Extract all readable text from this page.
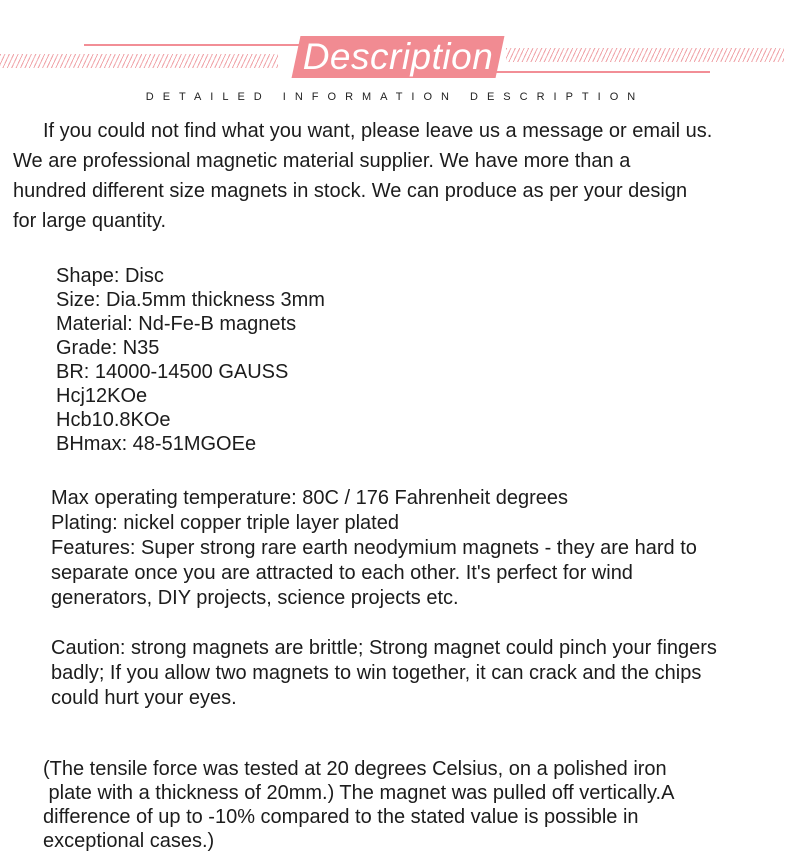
Description
DETAILED INFORMATION DESCRIPTION
If you could not find what you want, please leave us a message or email us.
We are professional magnetic material supplier. We have more than a
hundred different size magnets in stock. We can produce as per your design
for large quantity.
Shape: Disc
Size: Dia.5mm thickness 3mm
Material: Nd-Fe-B magnets
Grade: N35
BR: 14000-14500 GAUSS
Hcj12KOe
Hcb10.8KOe
BHmax: 48-51MGOEe
Max operating temperature: 80C / 176 Fahrenheit degrees
Plating: nickel copper triple layer plated
Features: Super strong rare earth neodymium magnets - they are hard to
separate once you are attracted to each other. It's perfect for wind
generators, DIY projects, science projects etc.
Caution: strong magnets are brittle; Strong magnet could pinch your fingers
badly; If you allow two magnets to win together, it can crack and the chips
could hurt your eyes.
(The tensile force was tested at 20 degrees Celsius, on a polished iron
plate with a thickness of 20mm.) The magnet was pulled off vertically.A
difference of up to -10% compared to the stated value is possible in
exceptional cases.)
